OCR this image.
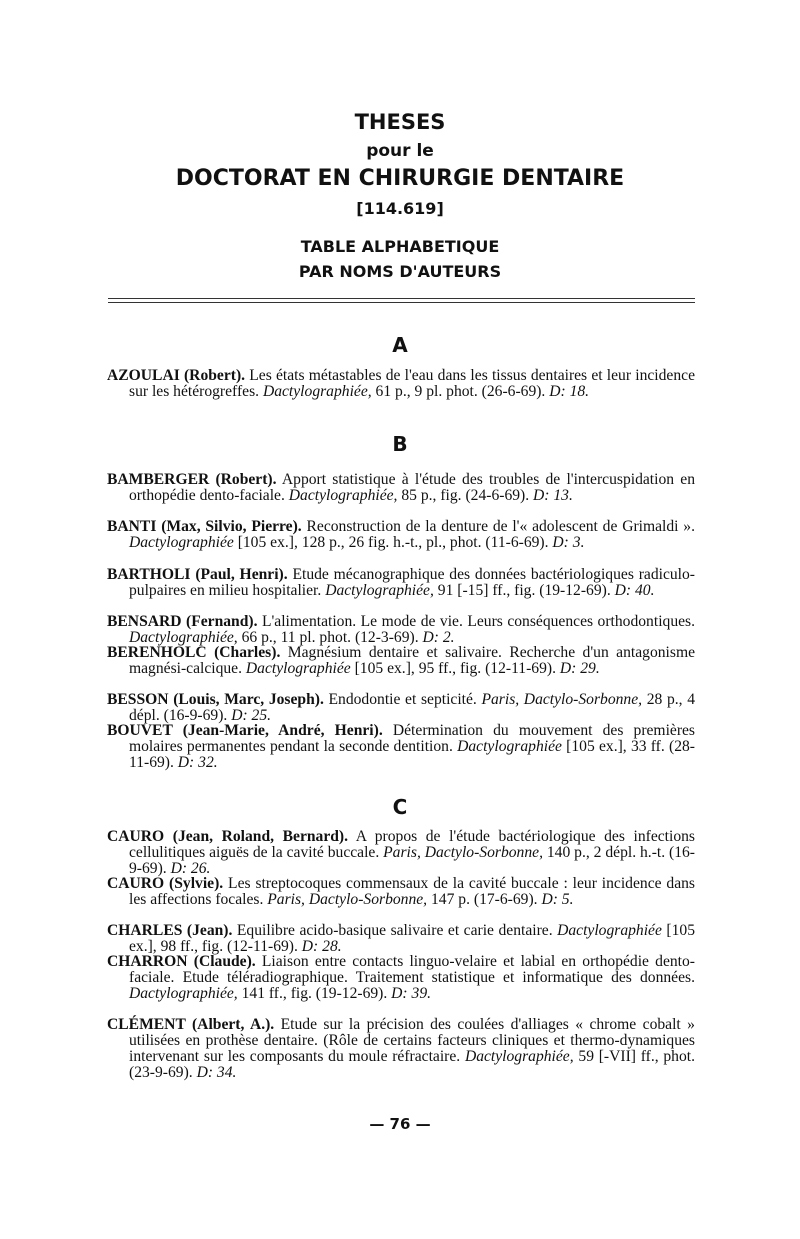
THESES
pour le
DOCTORAT EN CHIRURGIE DENTAIRE
[114.619]
TABLE ALPHABETIQUE
PAR NOMS D'AUTEURS
A
AZOULAI (Robert). Les états métastables de l'eau dans les tissus dentaires et leur incidence sur les hétérogreffes. Dactylographiée, 61 p., 9 pl. phot. (26-6-69). D: 18.
B
BAMBERGER (Robert). Apport statistique à l'étude des troubles de l'intercuspidation en orthopédie dento-faciale. Dactylographiée, 85 p., fig. (24-6-69). D: 13.
BANTI (Max, Silvio, Pierre). Reconstruction de la denture de l'« adolescent de Grimaldi ». Dactylographiée [105 ex.], 128 p., 26 fig. h.-t., pl., phot. (11-6-69). D: 3.
BARTHOLI (Paul, Henri). Etude mécanographique des données bactériologiques radiculo-pulpaires en milieu hospitalier. Dactylographiée, 91 [-15] ff., fig. (19-12-69). D: 40.
BENSARD (Fernand). L'alimentation. Le mode de vie. Leurs conséquences orthodontiques. Dactylographiée, 66 p., 11 pl. phot. (12-3-69). D: 2.
BERENHOLC (Charles). Magnésium dentaire et salivaire. Recherche d'un antagonisme magnési-calcique. Dactylographiée [105 ex.], 95 ff., fig. (12-11-69). D: 29.
BESSON (Louis, Marc, Joseph). Endodontie et septicité. Paris, Dactylo-Sorbonne, 28 p., 4 dépl. (16-9-69). D: 25.
BOUVET (Jean-Marie, André, Henri). Détermination du mouvement des premières molaires permanentes pendant la seconde dentition. Dactylographiée [105 ex.], 33 ff. (28-11-69). D: 32.
C
CAURO (Jean, Roland, Bernard). A propos de l'étude bactériologique des infections cellulitiques aiguës de la cavité buccale. Paris, Dactylo-Sorbonne, 140 p., 2 dépl. h.-t. (16-9-69). D: 26.
CAURO (Sylvie). Les streptocoques commensaux de la cavité buccale : leur incidence dans les affections focales. Paris, Dactylo-Sorbonne, 147 p. (17-6-69). D: 5.
CHARLES (Jean). Equilibre acido-basique salivaire et carie dentaire. Dactylographiée [105 ex.], 98 ff., fig. (12-11-69). D: 28.
CHARRON (Claude). Liaison entre contacts linguo-velaire et labial en orthopédie dento-faciale. Etude téléradiographique. Traitement statistique et informatique des données. Dactylographiée, 141 ff., fig. (19-12-69). D: 39.
CLÉMENT (Albert, A.). Etude sur la précision des coulées d'alliages « chrome cobalt » utilisées en prothèse dentaire. (Rôle de certains facteurs cliniques et thermo-dynamiques intervenant sur les composants du moule réfractaire. Dactylographiée, 59 [-VII] ff., phot. (23-9-69). D: 34.
— 76 —
